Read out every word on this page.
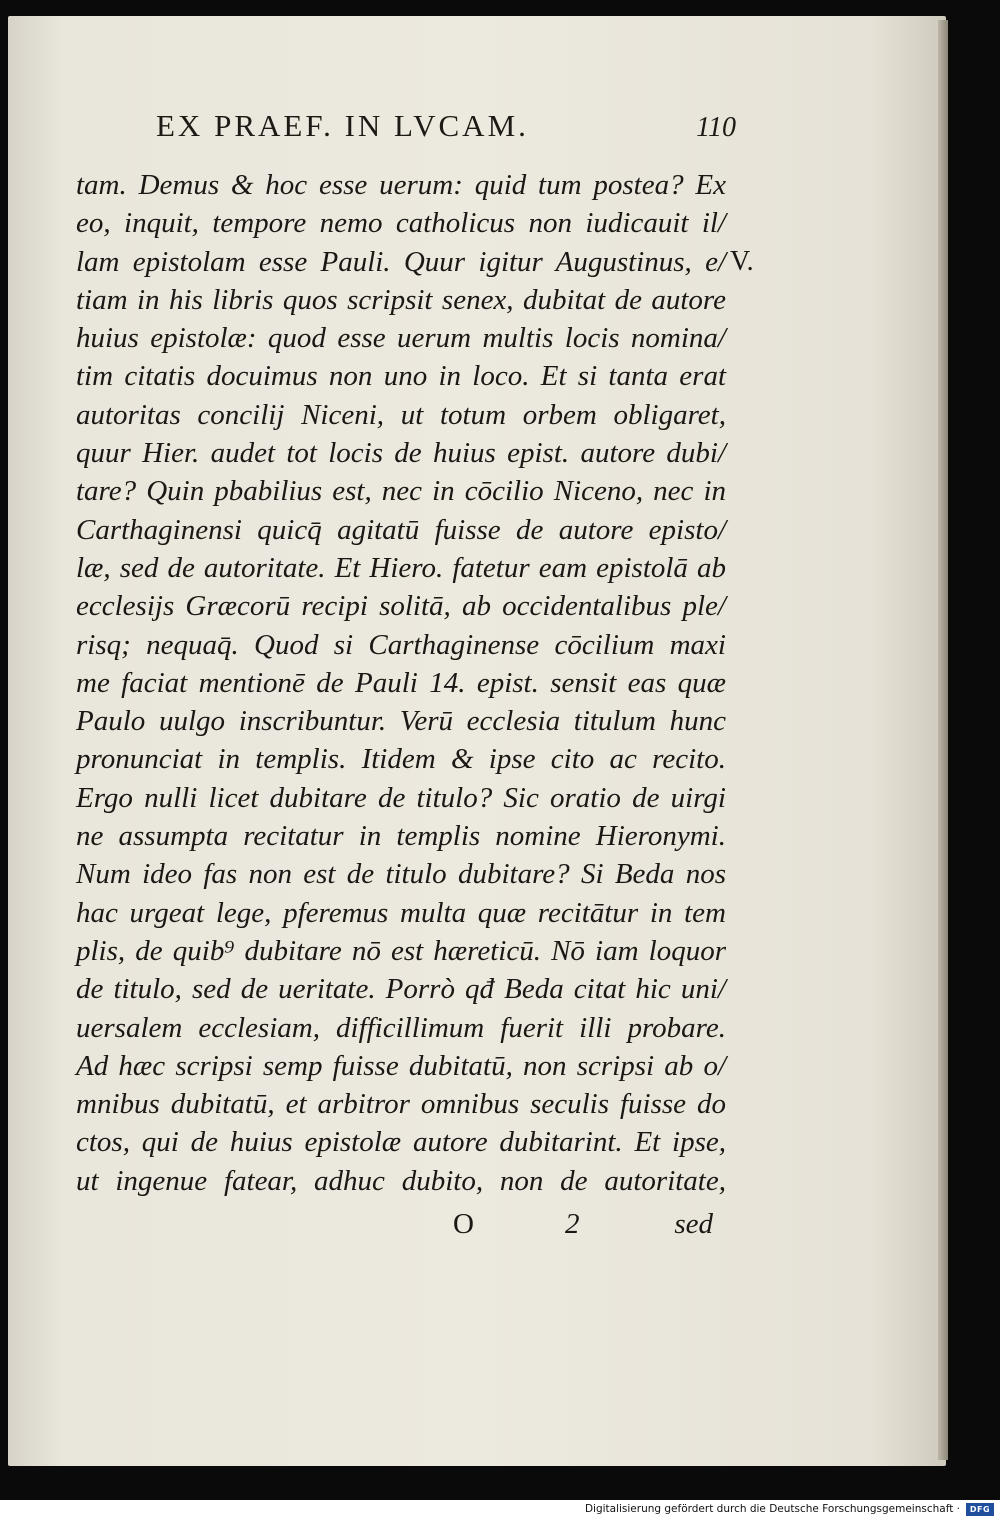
EX PRAEF. IN LVCAM.	110
tam. Demus & hoc esse uerum: quid tum postea? Ex
eo, inquit, tempore nemo catholicus non iudicauit il/
lam epistolam esse Pauli. Quur igitur Augustinus, e/
tiam in his libris quos scripsit senex, dubitat de autore
huius epistolæ: quod esse uerum multis locis nomina/
tim citatis docuimus non uno in loco. Et si tanta erat
autoritas concilij Niceni, ut totum orbem obligaret,
quur Hier. audet tot locis de huius epist. autore dubi/
tare? Quin pbabilius est, nec in cōcilio Niceno, nec in
Carthaginensi quicq̄ agitatū fuisse de autore episto/
læ, sed de autoritate. Et Hiero. fatetur eam epistolā ab
ecclesijs Græcorū recipi solitā, ab occidentalibus ple/
risq; nequaq̄. Quod si Carthaginense cōcilium maxi
me faciat mentionē de Pauli 14. epist. sensit eas quæ
Paulo uulgo inscribuntur. Verū ecclesia titulum hunc
pronunciat in templis. Itidem & ipse cito ac recito.
Ergo nulli licet dubitare de titulo? Sic oratio de uirgi
ne assumpta recitatur in templis nomine Hieronymi.
Num ideo fas non est de titulo dubitare? Si Beda nos
hac urgeat lege, pferemus multa quæ recitātur in tem
plis, de quib⁹ dubitare nō est hæreticū. Nō iam loquor
de titulo, sed de ueritate. Porrò qđ Beda citat hic uni/
uersalem ecclesiam, difficillimum fuerit illi probare.
Ad hæc scripsi semp fuisse dubitatū, non scripsi ab o/
mnibus dubitatū, et arbitror omnibus seculis fuisse do
ctos, qui de huius epistolæ autore dubitarint. Et ipse,
ut ingenue fatear, adhuc dubito, non de autoritate,
V.
O	2	sed
Digitalisierung gefördert durch die Deutsche Forschungsgemeinschaft ·	DFG
